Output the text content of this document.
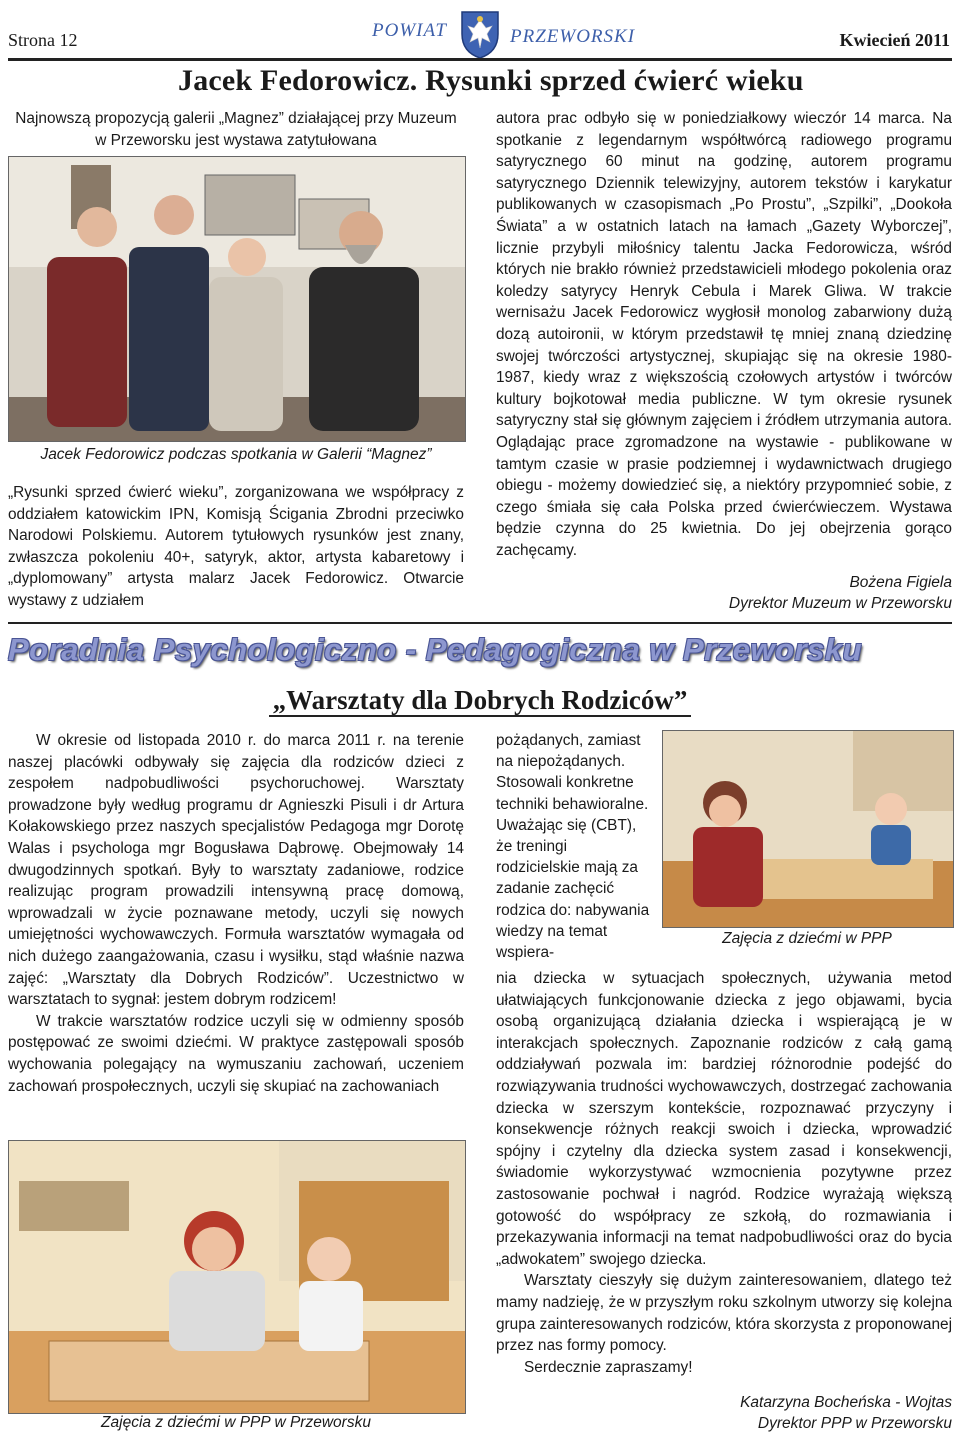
Strona 12	POWIAT	PRZEWORSKI	Kwiecień 2011
Jacek Fedorowicz. Rysunki sprzed ćwierć wieku
Najnowszą propozycją galerii „Magnez” działającej przy Muzeum w Przeworsku jest wystawa zatytułowana
Jacek Fedorowicz podczas spotkania w Galerii “Magnez”
„Rysunki sprzed ćwierć wieku”, zorganizowana we współpracy z oddziałem katowickim IPN, Komisją Ścigania Zbrodni przeciwko Narodowi Polskiemu. Autorem tytułowych rysunków jest znany, zwłaszcza pokoleniu 40+, satyryk, aktor, artysta kabaretowy i „dyplomowany” artysta malarz Jacek Fedorowicz. Otwarcie wystawy z udziałem
autora prac odbyło się w poniedziałkowy wieczór 14 marca. Na spotkanie z legendarnym współtwórcą radiowego programu satyrycznego 60 minut na godzinę, autorem programu satyrycznego Dziennik telewizyjny, autorem tekstów i karykatur publikowanych w czasopismach „Po Prostu”, „Szpilki”, „Dookoła Świata” a w ostatnich latach na łamach „Gazety Wyborczej”, licznie przybyli miłośnicy talentu Jacka Fedorowicza, wśród których nie brakło również przedstawicieli młodego pokolenia oraz koledzy satyrycy Henryk Cebula i Marek Gliwa. W trakcie wernisażu Jacek Fedorowicz wygłosił monolog zabarwiony dużą dozą autoironii, w którym przedstawił tę mniej znaną dziedzinę swojej twórczości artystycznej, skupiając się na okresie 1980-1987, kiedy wraz z większością czołowych artystów i twórców kultury bojkotował media publiczne. W tym okresie rysunek satyryczny stał się głównym zajęciem i źródłem utrzymania autora. Oglądając prace zgromadzone na wystawie - publikowane w tamtym czasie w prasie podziemnej i wydawnictwach drugiego obiegu - możemy dowiedzieć się, a niektóry przypomnieć sobie, z czego śmiała się cała Polska przed ćwierćwieczem. Wystawa będzie czynna do 25 kwietnia. Do jej obejrzenia gorąco zachęcamy.
Bożena Figiela
Dyrektor Muzeum w Przeworsku
Poradnia Psychologiczno - Pedagogiczna w Przeworsku
„Warsztaty dla Dobrych Rodziców”
W okresie od listopada 2010 r. do marca 2011 r. na terenie naszej placówki odbywały się zajęcia dla rodziców dzieci z zespołem nadpobudliwości psychoruchowej. Warsztaty prowadzone były według programu dr Agnieszki Pisuli i dr Artura Kołakowskiego przez naszych specjalistów Pedagoga mgr Dorotę Walas i psychologa mgr Bogusława Dąbrowę. Obejmowały 14 dwugodzinnych spotkań. Były to warsztaty zadaniowe, rodzice realizując program prowadzili intensywną pracę domową, wprowadzali w życie poznawane metody, uczyli się nowych umiejętności wychowawczych. Formuła warsztatów wymagała od nich dużego zaangażowania, czasu i wysiłku, stąd właśnie nazwa zajęć: „Warsztaty dla Dobrych Rodziców”. Uczestnictwo w warsztatach to sygnał: jestem dobrym rodzicem!
W trakcie warsztatów rodzice uczyli się w odmienny sposób postępować ze swoimi dziećmi. W praktyce zastępowali sposób wychowania polegający na wymuszaniu zachowań, uczeniem zachowań prospołecznych, uczyli się skupiać na zachowaniach
Zajęcia z dziećmi w PPP w Przeworsku
pożądanych, zamiast na niepożądanych. Stosowali konkretne techniki behawioralne. Uważając się (CBT), że treningi rodzicielskie mają za zadanie zachęcić rodzica do: nabywania wiedzy na temat wspiera-
Zajęcia z dziećmi w PPP
nia dziecka w sytuacjach społecznych, używania metod ułatwiających funkcjonowanie dziecka z jego objawami, bycia osobą organizującą działania dziecka i wspierającą je w interakcjach społecznych. Zapoznanie rodziców z całą gamą oddziaływań pozwala im: bardziej różnorodnie podejść do rozwiązywania trudności wychowawczych, dostrzegać zachowania dziecka w szerszym kontekście, rozpoznawać przyczyny i konsekwencje różnych reakcji swoich i dziecka, wprowadzić spójny i czytelny dla dziecka system zasad i konsekwencji, świadomie wykorzystywać wzmocnienia pozytywne przez zastosowanie pochwał i nagród. Rodzice wyrażają większą gotowość do współpracy ze szkołą, do rozmawiania i przekazywania informacji na temat nadpobudliwości oraz do bycia „adwokatem” swojego dziecka.
Warsztaty cieszyły się dużym zainteresowaniem, dlatego też mamy nadzieję, że w przyszłym roku szkolnym utworzy się kolejna grupa zainteresowanych rodziców, która skorzysta z proponowanej przez nas formy pomocy.
Serdecznie zapraszamy!
Katarzyna Bocheńska - Wojtas
Dyrektor PPP w Przeworsku
